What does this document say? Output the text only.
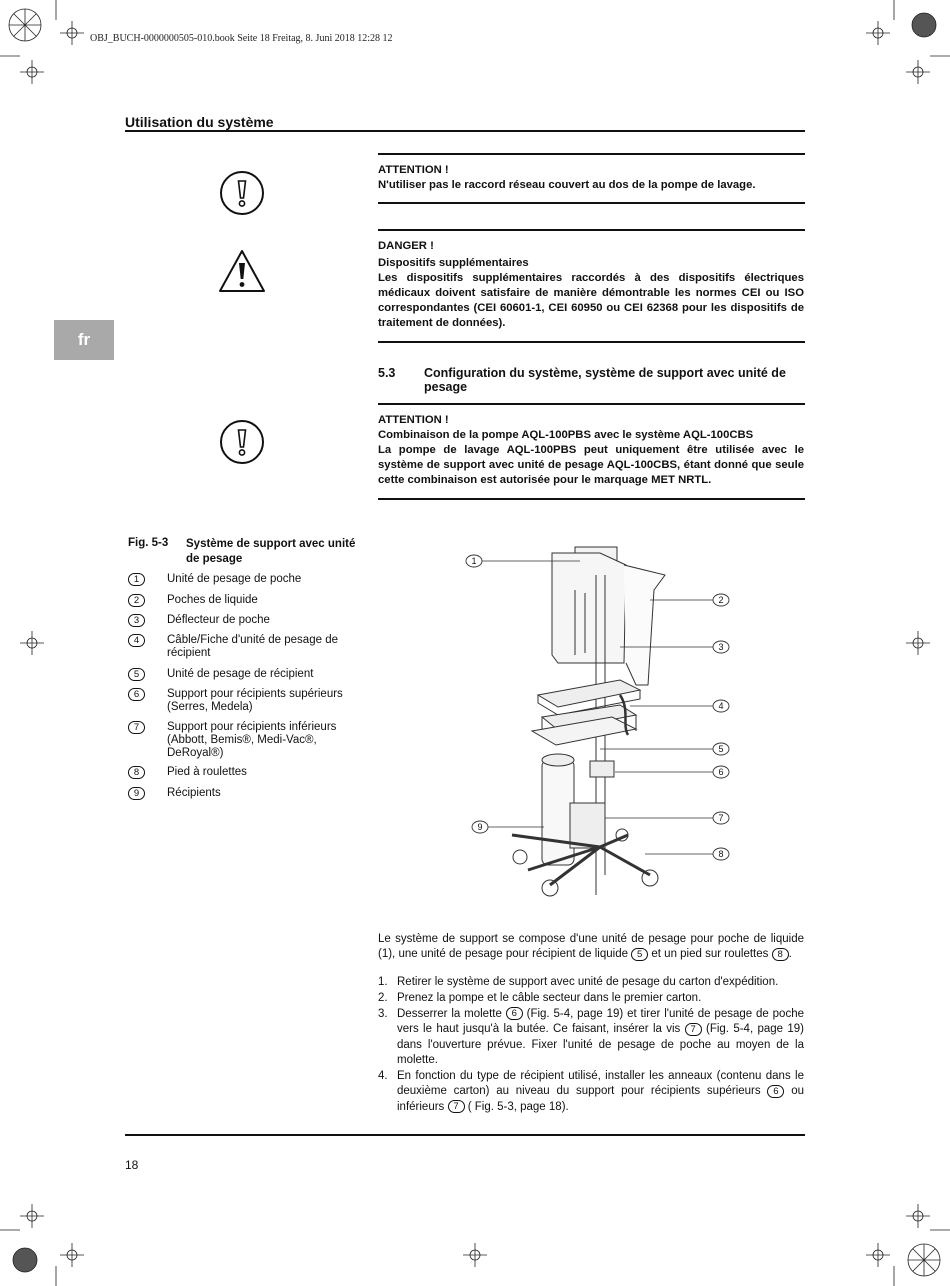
OBJ_BUCH-0000000505-010.book Seite 18 Freitag, 8. Juni 2018 12:28 12
Utilisation du système
fr
ATTENTION !
N'utiliser pas le raccord réseau couvert au dos de la pompe de lavage.
DANGER !
Dispositifs supplémentaires
Les dispositifs supplémentaires raccordés à des dispositifs électriques médicaux doivent satisfaire de manière démontrable les normes CEI ou ISO correspondantes (CEI 60601-1, CEI 60950 ou CEI 62368 pour les dispositifs de traitement de données).
5.3 Configuration du système, système de support avec unité de pesage
ATTENTION !
Combinaison de la pompe AQL-100PBS avec le système AQL-100CBS
La pompe de lavage AQL-100PBS peut uniquement être utilisée avec le système de support avec unité de pesage AQL-100CBS, étant donné que seule cette combinaison est autorisée pour le marquage MET NRTL.
Fig. 5-3 Système de support avec unité de pesage
1	Unité de pesage de poche
2	Poches de liquide
3	Déflecteur de poche
4	Câble/Fiche d'unité de pesage de récipient
5	Unité de pesage de récipient
6	Support pour récipients supérieurs (Serres, Medela)
7	Support pour récipients inférieurs (Abbott, Bemis®, Medi-Vac®, DeRoyal®)
8	Pied à roulettes
9	Récipients
1
2
3
4
5
6
7
8
9
Le système de support se compose d'une unité de pesage pour poche de liquide (1), une unité de pesage pour récipient de liquide 5 et un pied sur roulettes 8 .
1. Retirer le système de support avec unité de pesage du carton d'expédition.
2. Prenez la pompe et le câble secteur dans le premier carton.
3. Desserrer la molette 6 (Fig. 5-4, page 19) et tirer l'unité de pesage de poche vers le haut jusqu'à la butée. Ce faisant, insérer la vis 7 (Fig. 5-4, page 19) dans l'ouverture prévue. Fixer l'unité de pesage de poche au moyen de la molette.
4. En fonction du type de récipient utilisé, installer les anneaux (contenu dans le deuxième carton) au niveau du support pour récipients supérieurs 6 ou inférieurs 7 ( Fig. 5-3, page 18).
18
